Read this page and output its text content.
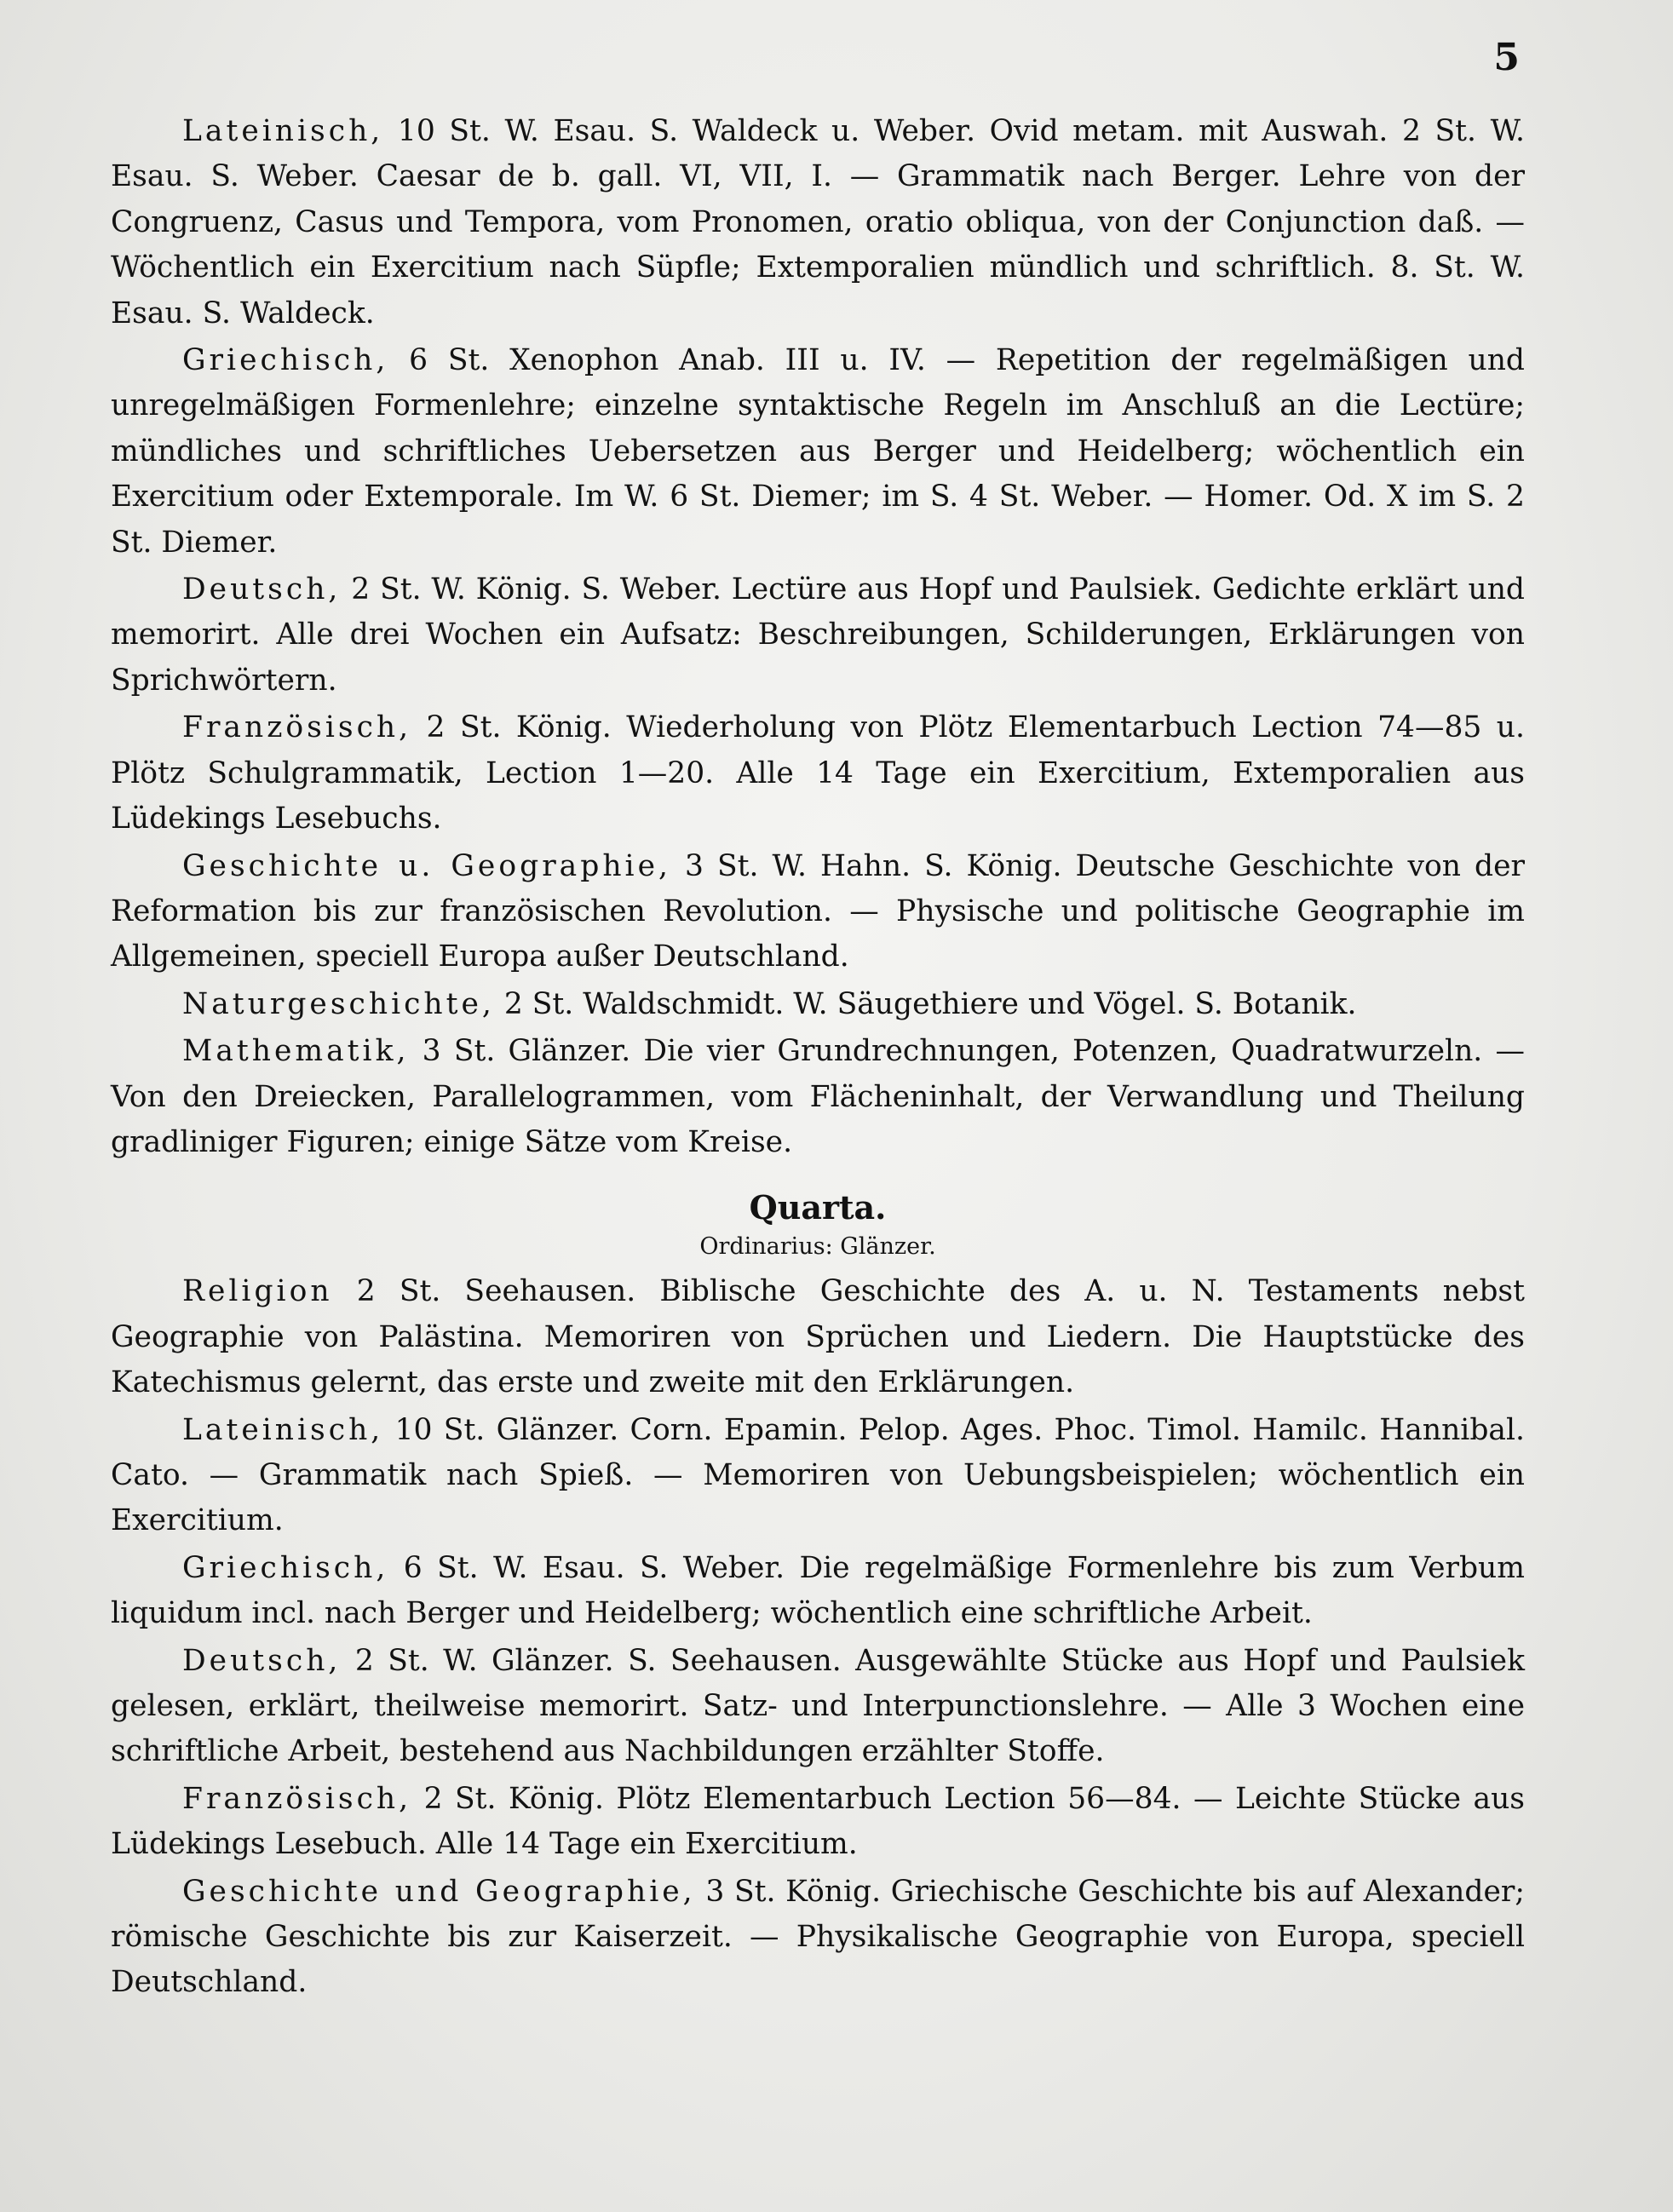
5

Lateinisch, 10 St. W. Esau. S. Waldeck u. Weber. Ovid metam. mit Auswah. 2 St. W. Esau. S. Weber. Caesar de b. gall. VI, VII, I. — Grammatik nach Berger. Lehre von der Congruenz, Casus und Tempora, vom Pronomen, oratio obliqua, von der Conjunction daß. — Wöchentlich ein Exercitium nach Süpfle; Extemporalien mündlich und schriftlich. 8. St. W. Esau. S. Waldeck.

Griechisch, 6 St. Xenophon Anab. III u. IV. — Repetition der regelmäßigen und unregelmäßigen Formenlehre; einzelne syntaktische Regeln im Anschluß an die Lectüre; mündliches und schriftliches Uebersetzen aus Berger und Heidelberg; wöchentlich ein Exercitium oder Extemporale. Im W. 6 St. Diemer; im S. 4 St. Weber. — Homer. Od. X im S. 2 St. Diemer.

Deutsch, 2 St. W. König. S. Weber. Lectüre aus Hopf und Paulsiek. Gedichte erklärt und memorirt. Alle drei Wochen ein Aufsatz: Beschreibungen, Schilderungen, Erklärungen von Sprichwörtern.

Französisch, 2 St. König. Wiederholung von Plötz Elementarbuch Lection 74—85 u. Plötz Schulgrammatik, Lection 1—20. Alle 14 Tage ein Exercitium, Extemporalien aus Lüdekings Lesebuchs.

Geschichte u. Geographie, 3 St. W. Hahn. S. König. Deutsche Geschichte von der Reformation bis zur französischen Revolution. — Physische und politische Geographie im Allgemeinen, speciell Europa außer Deutschland.

Naturgeschichte, 2 St. Waldschmidt. W. Säugethiere und Vögel. S. Botanik.

Mathematik, 3 St. Glänzer. Die vier Grundrechnungen, Potenzen, Quadratwurzeln. — Von den Dreiecken, Parallelogrammen, vom Flächeninhalt, der Verwandlung und Theilung gradliniger Figuren; einige Sätze vom Kreise.

Quarta.
Ordinarius: Glänzer.

Religion 2 St. Seehausen. Biblische Geschichte des A. u. N. Testaments nebst Geographie von Palästina. Memoriren von Sprüchen und Liedern. Die Hauptstücke des Katechismus gelernt, das erste und zweite mit den Erklärungen.

Lateinisch, 10 St. Glänzer. Corn. Epamin. Pelop. Ages. Phoc. Timol. Hamilc. Hannibal. Cato. — Grammatik nach Spieß. — Memoriren von Uebungsbeispielen; wöchentlich ein Exercitium.

Griechisch, 6 St. W. Esau. S. Weber. Die regelmäßige Formenlehre bis zum Verbum liquidum incl. nach Berger und Heidelberg; wöchentlich eine schriftliche Arbeit.

Deutsch, 2 St. W. Glänzer. S. Seehausen. Ausgewählte Stücke aus Hopf und Paulsiek gelesen, erklärt, theilweise memorirt. Satz- und Interpunctionslehre. — Alle 3 Wochen eine schriftliche Arbeit, bestehend aus Nachbildungen erzählter Stoffe.

Französisch, 2 St. König. Plötz Elementarbuch Lection 56—84. — Leichte Stücke aus Lüdekings Lesebuch. Alle 14 Tage ein Exercitium.

Geschichte und Geographie, 3 St. König. Griechische Geschichte bis auf Alexander; römische Geschichte bis zur Kaiserzeit. — Physikalische Geographie von Europa, speciell Deutschland.
